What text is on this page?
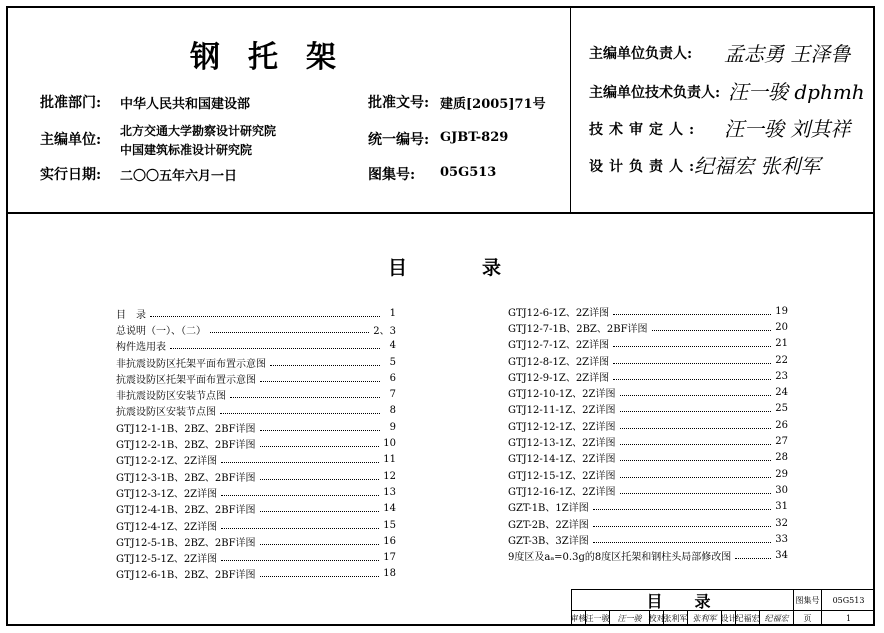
钢托架
批准部门: 中华人民共和国建设部
主编单位:
北方交通大学勘察设计研究院
中国建筑标准设计研究院
实行日期: 二〇〇五年六月一日
批准文号: 建质[2005]71号
统一编号: GJBT-829
图集号: 05G513
主编单位负责人: 孟志勇 王泽鲁
主编单位技术负责人: 汪一骏 dphmh
技术审定人: 汪一骏 刘其祥
设计负责人:
纪福宏 张利军
目	录
目　录	1
总说明（一）、（二）	2、3
构件选用表	4
非抗震设防区托架平面布置示意图	5
抗震设防区托架平面布置示意图	6
非抗震设防区安装节点图	7
抗震设防区安装节点图	8
GTJ12-1-1B、2BZ、2BF详图	9
GTJ12-2-1B、2BZ、2BF详图	10
GTJ12-2-1Z、2Z详图	11
GTJ12-3-1B、2BZ、2BF详图	12
GTJ12-3-1Z、2Z详图	13
GTJ12-4-1B、2BZ、2BF详图	14
GTJ12-4-1Z、2Z详图	15
GTJ12-5-1B、2BZ、2BF详图	16
GTJ12-5-1Z、2Z详图	17
GTJ12-6-1B、2BZ、2BF详图	18
GTJ12-6-1Z、2Z详图	19
GTJ12-7-1B、2BZ、2BF详图	20
GTJ12-7-1Z、2Z详图	21
GTJ12-8-1Z、2Z详图	22
GTJ12-9-1Z、2Z详图	23
GTJ12-10-1Z、2Z详图	24
GTJ12-11-1Z、2Z详图	25
GTJ12-12-1Z、2Z详图	26
GTJ12-13-1Z、2Z详图	27
GTJ12-14-1Z、2Z详图	28
GTJ12-15-1Z、2Z详图	29
GTJ12-16-1Z、2Z详图	30
GZT-1B、1Z详图	31
GZT-2B、2Z详图	32
GZT-3B、3Z详图	33
9度区及aₐ=0.3g的8度区托架和钢柱头局部修改图	34
目　录	图集号	05G513
审核 汪一骏	汪一骏 校对 张利军 张利军 设计 纪福宏 纪福宏	页	1
